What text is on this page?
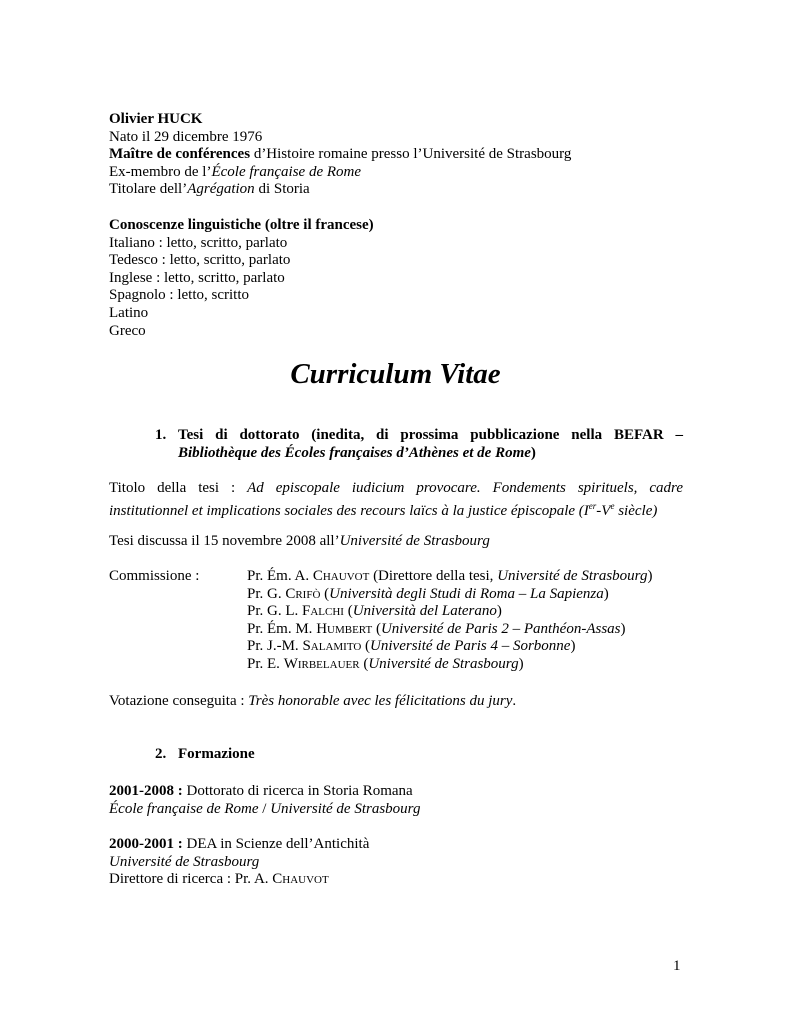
Olivier HUCK
Nato il 29 dicembre 1976
Maître de conférences d’Histoire romaine presso l’Université de Strasbourg
Ex-membro de l’École française de Rome
Titolare dell’Agrégation di Storia
Conoscenze linguistiche (oltre il francese)
Italiano : letto, scritto, parlato
Tedesco : letto, scritto, parlato
Inglese : letto, scritto, parlato
Spagnolo : letto, scritto
Latino
Greco
Curriculum Vitae
1. Tesi di dottorato (inedita, di prossima pubblicazione nella BEFAR – Bibliothèque des Écoles françaises d’Athènes et de Rome)
Titolo della tesi : Ad episcopale iudicium provocare. Fondements spirituels, cadre institutionnel et implications sociales des recours laïcs à la justice épiscopale (Ier-Ve siècle)
Tesi discussa il 15 novembre 2008 all’Université de Strasbourg
Commissione :	Pr. Ém. A. Chauvot (Direttore della tesi, Université de Strasbourg)
Pr. G. Crifò (Università degli Studi di Roma – La Sapienza)
Pr. G. L. Falchi (Università del Laterano)
Pr. Ém. M. Humbert (Université de Paris 2 – Panthéon-Assas)
Pr. J.-M. Salamito (Université de Paris 4 – Sorbonne)
Pr. E. Wirbelauer (Université de Strasbourg)
Votazione conseguita : Très honorable avec les félicitations du jury.
2. Formazione
2001-2008 : Dottorato di ricerca in Storia Romana
École française de Rome / Université de Strasbourg
2000-2001 : DEA in Scienze dell’Antichità
Université de Strasbourg
Direttore di ricerca : Pr. A. Chauvot
1
